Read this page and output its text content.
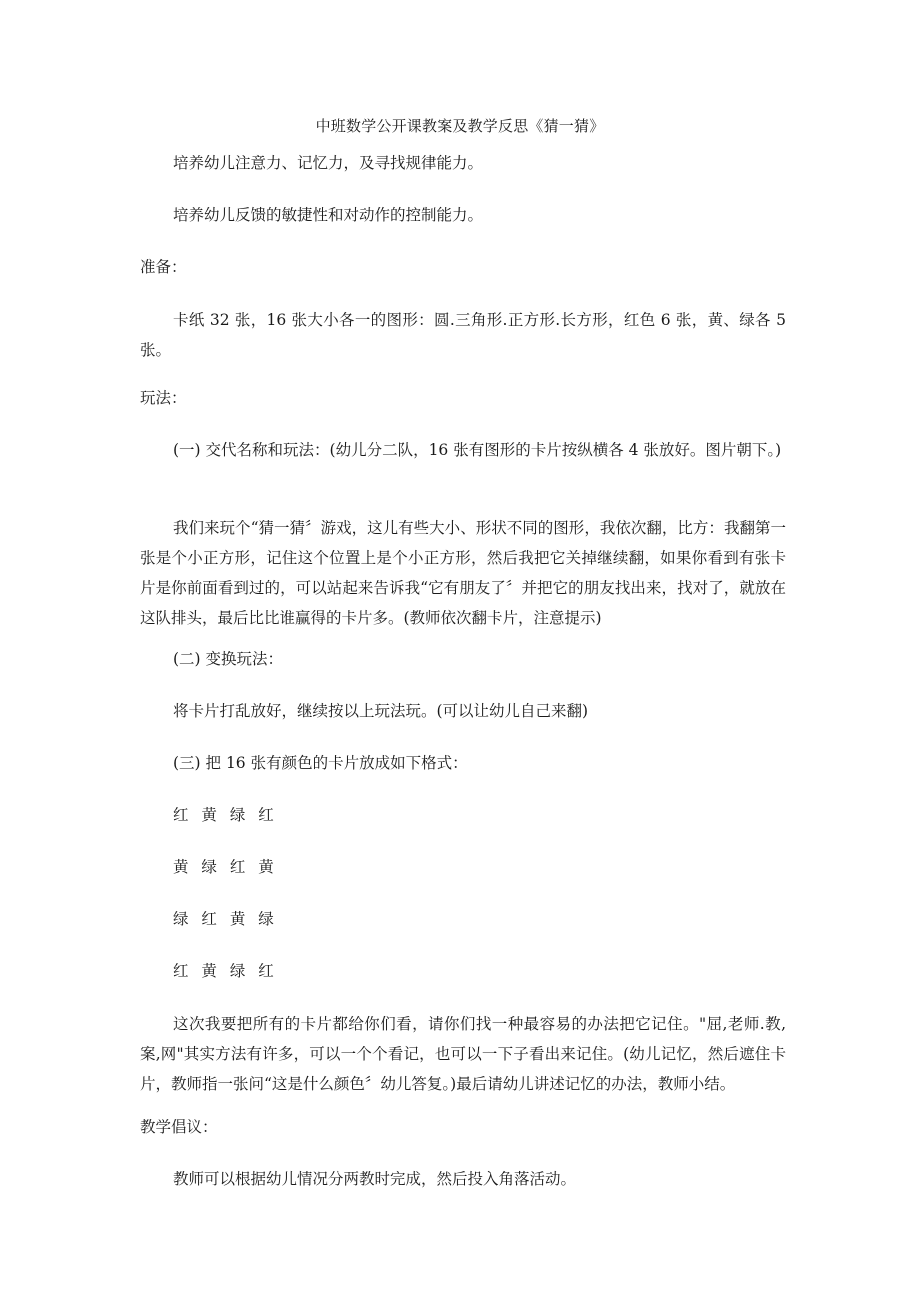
中班数学公开课教案及教学反思《猜一猜》

培养幼儿注意力、记忆力，及寻找规律能力。

培养幼儿反馈的敏捷性和对动作的控制能力。

准备：

卡纸 32 张，16 张大小各一的图形：圆.三角形.正方形.长方形，红色 6 张，黄、绿各 5 张。

玩法：

(一) 交代名称和玩法：(幼儿分二队，16 张有图形的卡片按纵横各 4 张放好。图片朝下。)

我们来玩个“猜一猜〞游戏，这儿有些大小、形状不同的图形，我依次翻，比方：我翻第一张是个小正方形，记住这个位置上是个小正方形，然后我把它关掉继续翻，如果你看到有张卡片是你前面看到过的，可以站起来告诉我“它有朋友了〞并把它的朋友找出来，找对了，就放在这队排头，最后比比谁赢得的卡片多。(教师依次翻卡片，注意提示)

(二) 变换玩法：

将卡片打乱放好，继续按以上玩法玩。(可以让幼儿自己来翻)

(三) 把 16 张有颜色的卡片放成如下格式：

红 黄 绿 红
黄 绿 红 黄
绿 红 黄 绿
红 黄 绿 红

这次我要把所有的卡片都给你们看，请你们找一种最容易的办法把它记住。"屈,老师.教,案,网"其实方法有许多，可以一个个看记，也可以一下子看出来记住。(幼儿记忆，然后遮住卡片，教师指一张问“这是什么颜色〞幼儿答复。)最后请幼儿讲述记忆的办法，教师小结。

教学倡议：

教师可以根据幼儿情况分两教时完成，然后投入角落活动。
